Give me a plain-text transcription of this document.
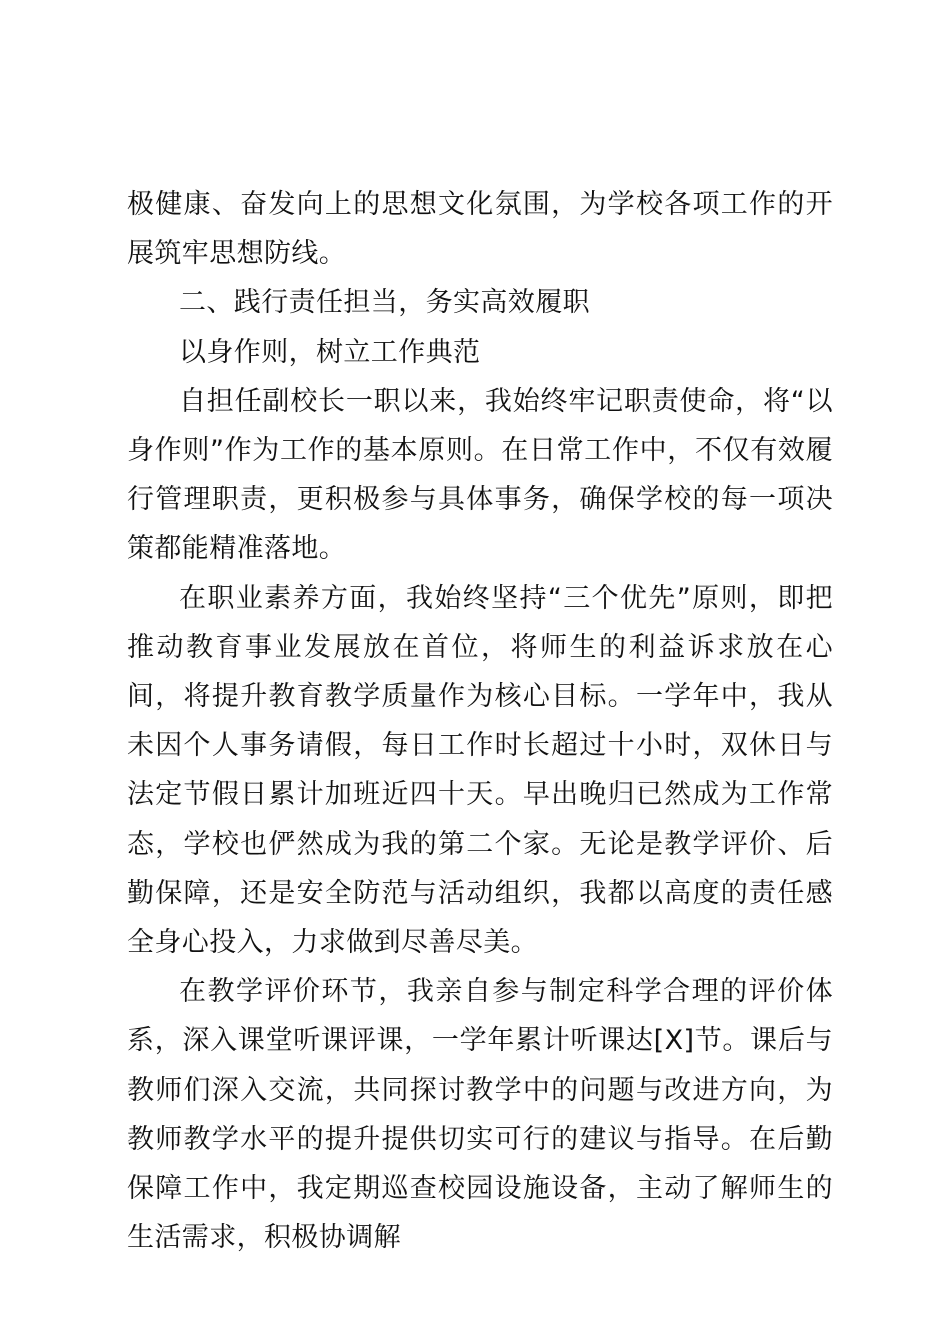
极健康、奋发向上的思想文化氛围，为学校各项工作的开展筑牢思想防线。

二、践行责任担当，务实高效履职

以身作则，树立工作典范

自担任副校长一职以来，我始终牢记职责使命，将“以身作则”作为工作的基本原则。在日常工作中，不仅有效履行管理职责，更积极参与具体事务，确保学校的每一项决策都能精准落地。

在职业素养方面，我始终坚持“三个优先”原则，即把推动教育事业发展放在首位，将师生的利益诉求放在心间，将提升教育教学质量作为核心目标。一学年中，我从未因个人事务请假，每日工作时长超过十小时，双休日与法定节假日累计加班近四十天。早出晚归已然成为工作常态，学校也俨然成为我的第二个家。无论是教学评价、后勤保障，还是安全防范与活动组织，我都以高度的责任感全身心投入，力求做到尽善尽美。

在教学评价环节，我亲自参与制定科学合理的评价体系，深入课堂听课评课，一学年累计听课达[X]节。课后与教师们深入交流，共同探讨教学中的问题与改进方向，为教师教学水平的提升提供切实可行的建议与指导。在后勤保障工作中，我定期巡查校园设施设备，主动了解师生的生活需求，积极协调解
